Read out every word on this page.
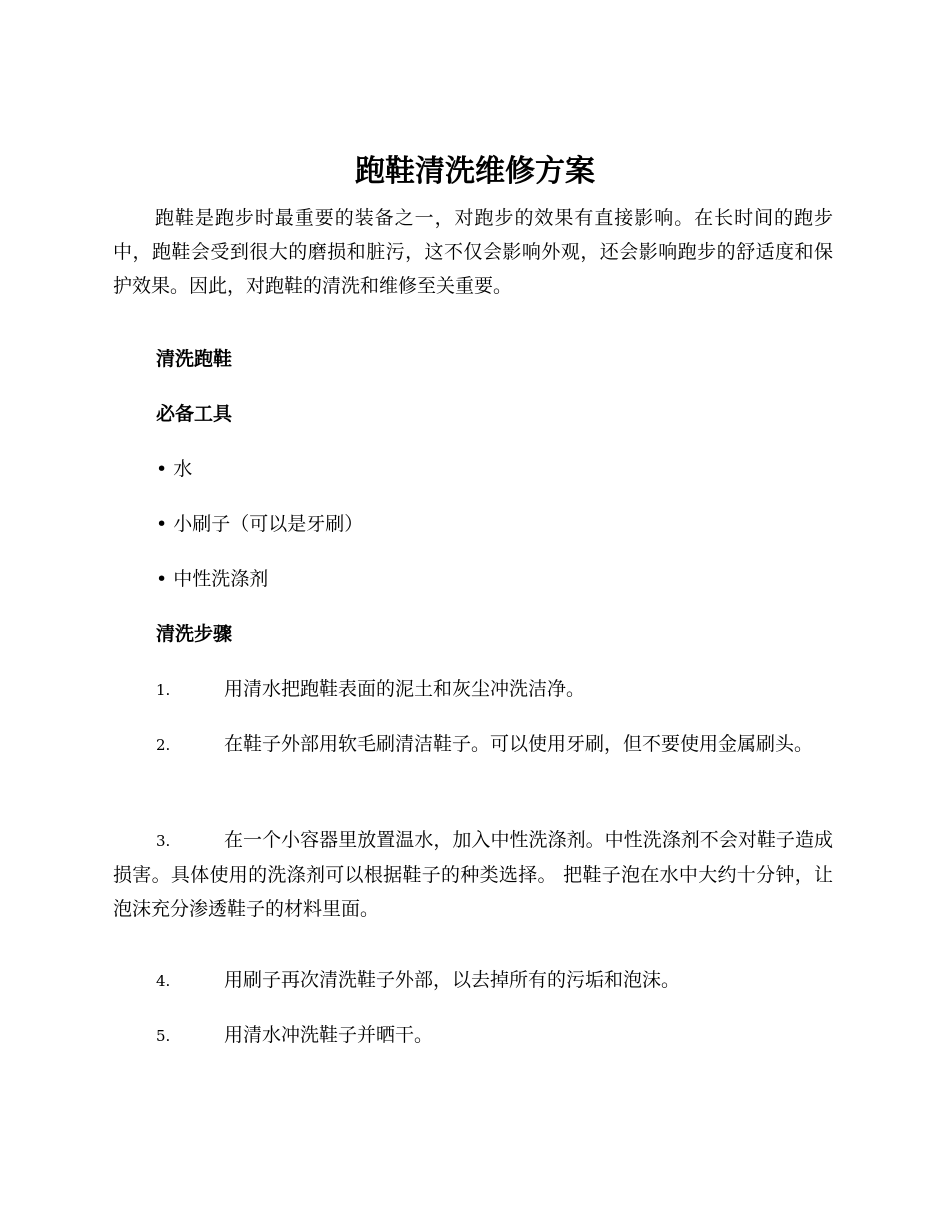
跑鞋清洗维修方案

跑鞋是跑步时最重要的装备之一，对跑步的效果有直接影响。在长时间的跑步中，跑鞋会受到很大的磨损和脏污，这不仅会影响外观，还会影响跑步的舒适度和保护效果。因此，对跑鞋的清洗和维修至关重要。

清洗跑鞋

必备工具

• 水

• 小刷子（可以是牙刷）

• 中性洗涤剂

清洗步骤

1.	用清水把跑鞋表面的泥土和灰尘冲洗洁净。

2.	在鞋子外部用软毛刷清洁鞋子。可以使用牙刷，但不要使用金属刷头。

3.	在一个小容器里放置温水，加入中性洗涤剂。中性洗涤剂不会对鞋子造成损害。具体使用的洗涤剂可以根据鞋子的种类选择。 把鞋子泡在水中大约十分钟，让泡沫充分渗透鞋子的材料里面。

4.	用刷子再次清洗鞋子外部，以去掉所有的污垢和泡沫。

5.	用清水冲洗鞋子并晒干。
